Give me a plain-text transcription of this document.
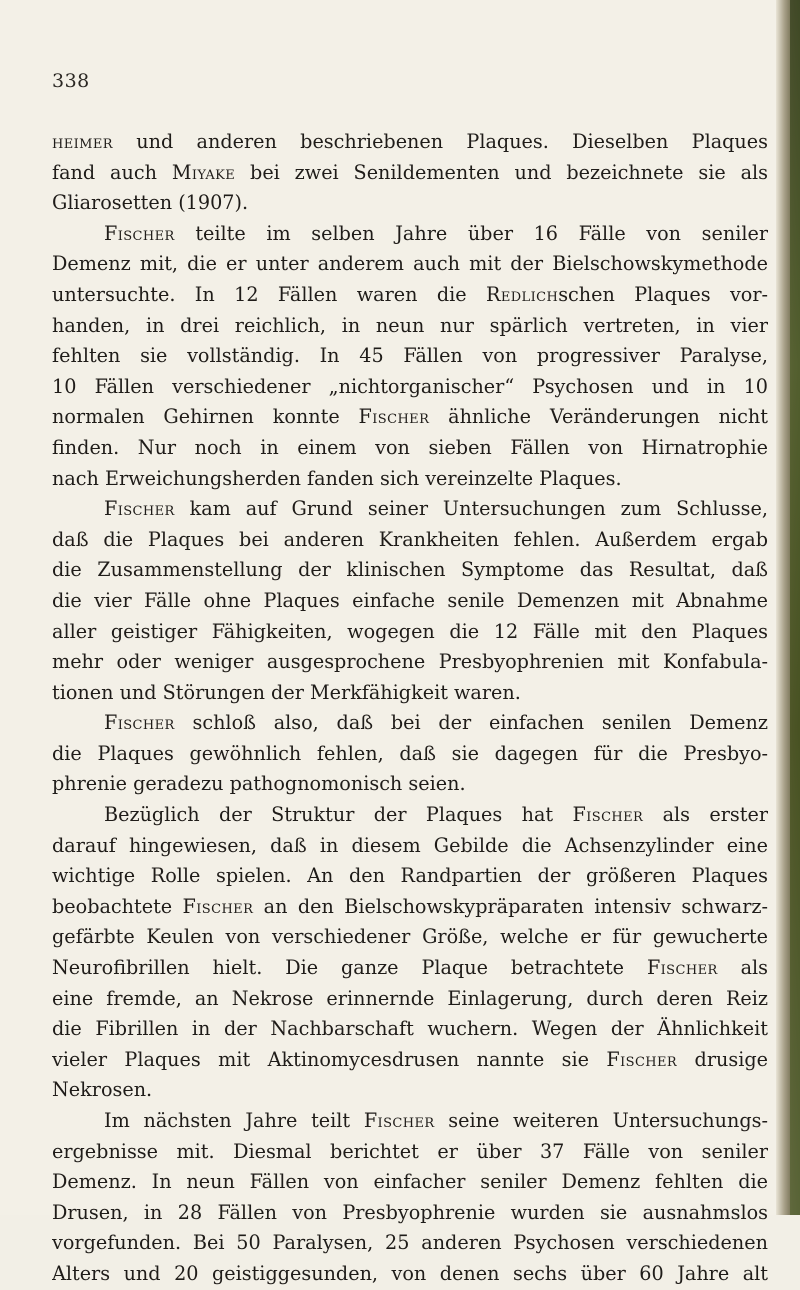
338
heimer und anderen beschriebenen Plaques. Dieselben Plaques
fand auch Miyake bei zwei Senildementen und bezeichnete sie als
Gliarosetten (1907).
Fischer teilte im selben Jahre über 16 Fälle von seniler
Demenz mit, die er unter anderem auch mit der Bielschowskymethode
untersuchte. In 12 Fällen waren die Redlichschen Plaques vor-
handen, in drei reichlich, in neun nur spärlich vertreten, in vier
fehlten sie vollständig. In 45 Fällen von progressiver Paralyse,
10 Fällen verschiedener „nichtorganischer“ Psychosen und in 10
normalen Gehirnen konnte Fischer ähnliche Veränderungen nicht
finden. Nur noch in einem von sieben Fällen von Hirnatrophie
nach Erweichungsherden fanden sich vereinzelte Plaques.
Fischer kam auf Grund seiner Untersuchungen zum Schlusse,
daß die Plaques bei anderen Krankheiten fehlen. Außerdem ergab
die Zusammenstellung der klinischen Symptome das Resultat, daß
die vier Fälle ohne Plaques einfache senile Demenzen mit Abnahme
aller geistiger Fähigkeiten, wogegen die 12 Fälle mit den Plaques
mehr oder weniger ausgesprochene Presbyophrenien mit Konfabula-
tionen und Störungen der Merkfähigkeit waren.
Fischer schloß also, daß bei der einfachen senilen Demenz
die Plaques gewöhnlich fehlen, daß sie dagegen für die Presbyo-
phrenie geradezu pathognomonisch seien.
Bezüglich der Struktur der Plaques hat Fischer als erster
darauf hingewiesen, daß in diesem Gebilde die Achsenzylinder eine
wichtige Rolle spielen. An den Randpartien der größeren Plaques
beobachtete Fischer an den Bielschowskypräparaten intensiv schwarz-
gefärbte Keulen von verschiedener Größe, welche er für gewucherte
Neurofibrillen hielt. Die ganze Plaque betrachtete Fischer als
eine fremde, an Nekrose erinnernde Einlagerung, durch deren Reiz
die Fibrillen in der Nachbarschaft wuchern. Wegen der Ähnlichkeit
vieler Plaques mit Aktinomycesdrusen nannte sie Fischer drusige
Nekrosen.
Im nächsten Jahre teilt Fischer seine weiteren Untersuchungs-
ergebnisse mit. Diesmal berichtet er über 37 Fälle von seniler
Demenz. In neun Fällen von einfacher seniler Demenz fehlten die
Drusen, in 28 Fällen von Presbyophrenie wurden sie ausnahmslos
vorgefunden. Bei 50 Paralysen, 25 anderen Psychosen verschiedenen
Alters und 20 geistiggesunden, von denen sechs über 60 Jahre alt
